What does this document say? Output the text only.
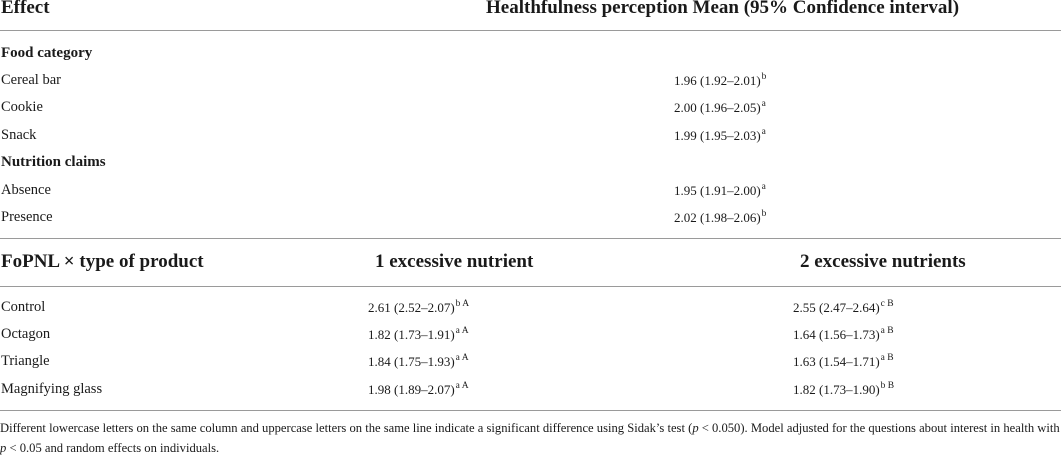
Effect	Healthfulness perception Mean (95% Confidence interval)
Food category
Cereal bar	1.96 $(1.92-2.01)^b$
Cookie	2.00 $(1.96-2.05)^a$
Snack	1.99 $(1.95-2.03)^a$
Nutrition claims
Absence	1.95 $(1.91-2.00)^a$
Presence	2.02 $(1.98-2.06)^b$
FoPNL × type of product	1 excessive nutrient	2 excessive nutrients
Control	2.61 $(2.52-2.07)^{b A}$	2.55 $(2.47-2.64)^{c B}$
Octagon	1.82 $(1.73-1.91)^{a A}$	1.64 $(1.56-1.73)^{a B}$
Triangle	1.84 $(1.75-1.93)^{a A}$	1.63 $(1.54-1.71)^{a B}$
Magnifying glass	1.98 $(1.89-2.07)^{a A}$	1.82 $(1.73-1.90)^{b B}$
Different lowercase letters on the same column and uppercase letters on the same line indicate a significant difference using Sidak’s test (p < 0.050). Model adjusted for the questions about interest in health with p < 0.05 and random effects on individuals.
